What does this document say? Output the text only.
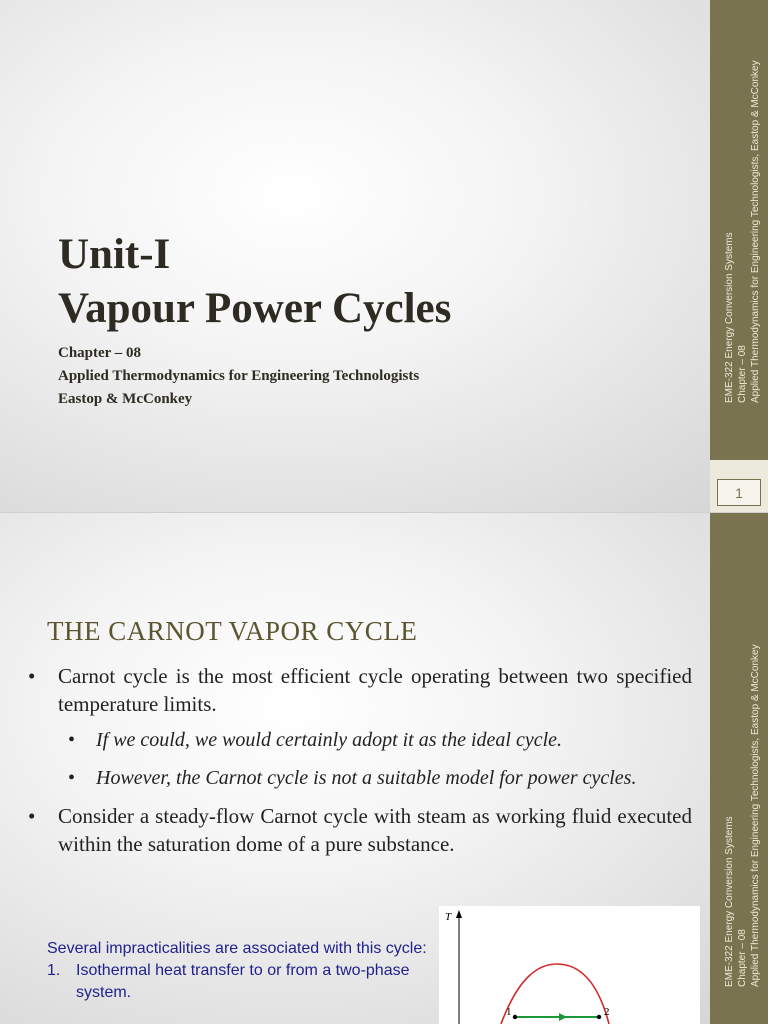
Unit-I
Vapour Power Cycles
Chapter – 08
Applied Thermodynamics for Engineering Technologists
Eastop & McConkey	EME-322 Energy Conversion Systems Chapter – 08 Applied Thermodynamics for Engineering Technologists, Eastop & McConkey
1
EME-322 Energy Conversion Systems Chapter – 08 Applied Thermodynamics for Engineering Technologists, Eastop & McConkey
THE CARNOT VAPOR CYCLE
• Carnot cycle is the most efficient cycle operating between two specified temperature limits.
• If we could, we would certainly adopt it as the ideal cycle.
• However, the Carnot cycle is not a suitable model for power cycles.
• Consider a steady-flow Carnot cycle with steam as working fluid executed within the saturation dome of a pure substance.
Several impracticalities are associated with this cycle:
1. Isothermal heat transfer to or from a two-phase system.
T
1	2
